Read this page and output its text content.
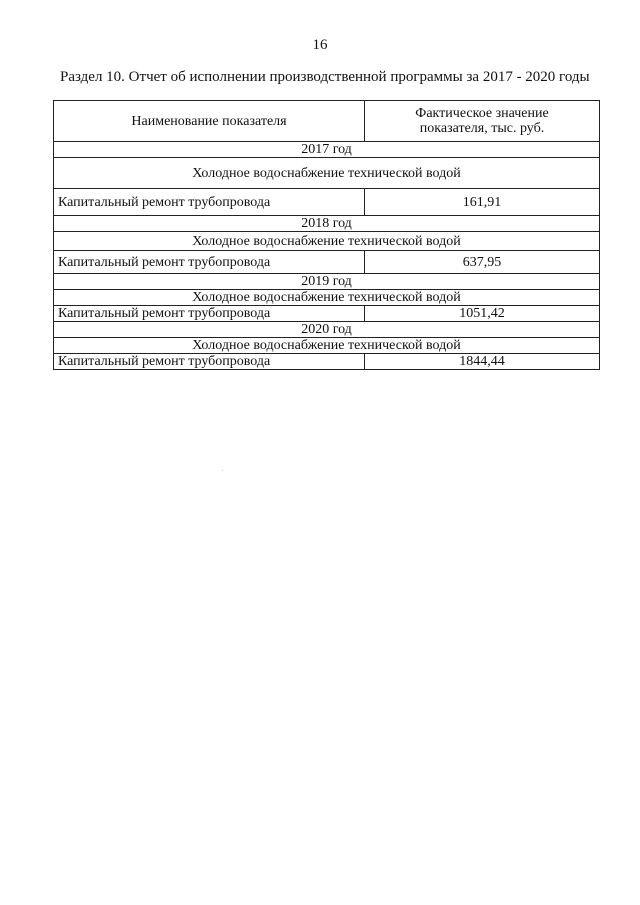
16
Раздел 10. Отчет об исполнении производственной программы за 2017 - 2020 годы
Наименование показателя	Фактическое значение
показателя, тыс. руб.
2017 год	
Холодное водоснабжение технической водой	
Капитальный ремонт трубопровода	161,91
2018 год	
Холодное водоснабжение технической водой	
Капитальный ремонт трубопровода	637,95
2019 год	
Холодное водоснабжение технической водой	
Капитальный ремонт трубопровода	1051,42
2020 год	
Холодное водоснабжение технической водой	
Капитальный ремонт трубопровода	1844,44
